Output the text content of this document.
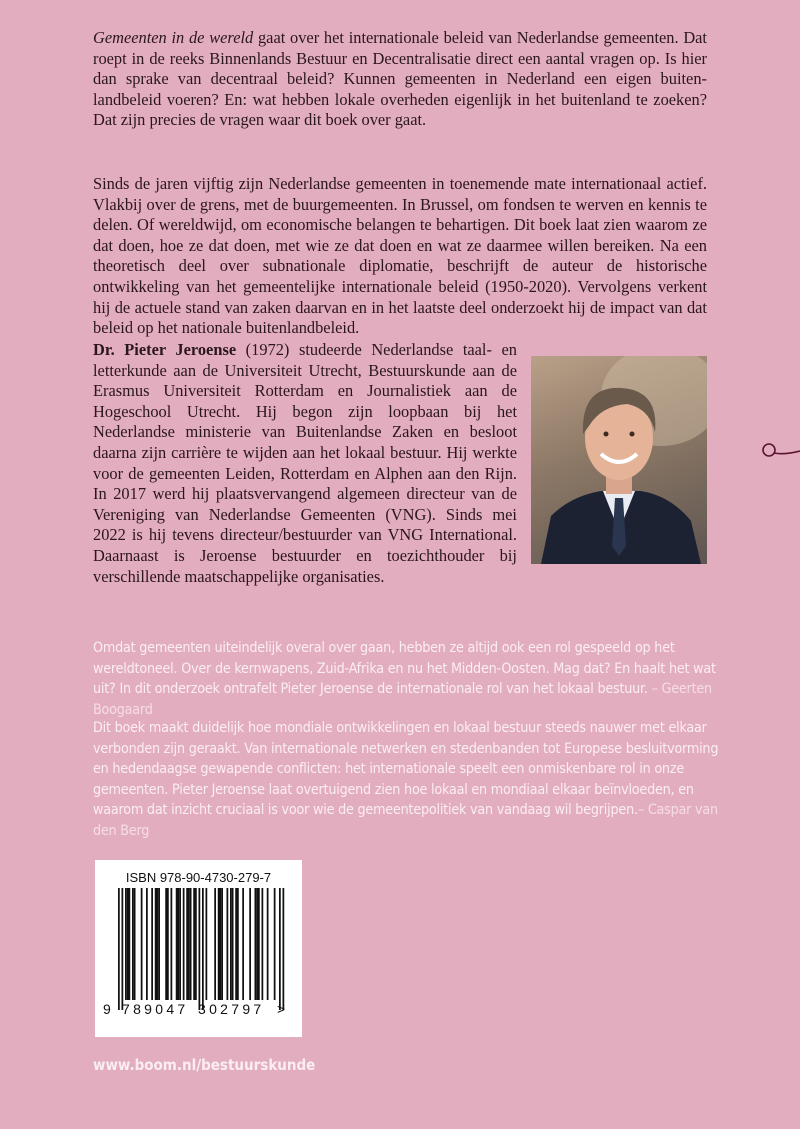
Gemeenten in de wereld gaat over het internationale beleid van Nederlandse gemeenten. Dat roept in de reeks Binnenlands Bestuur en Decentralisatie direct een aantal vragen op. Is hier dan sprake van decentraal beleid? Kunnen gemeenten in Nederland een eigen buitenlandbeleid voeren? En: wat hebben lokale overheden eigenlijk in het buitenland te zoeken? Dat zijn precies de vragen waar dit boek over gaat.

Sinds de jaren vijftig zijn Nederlandse gemeenten in toenemende mate internationaal actief. Vlakbij over de grens, met de buurgemeenten. In Brussel, om fondsen te werven en kennis te delen. Of wereldwijd, om economische belangen te behartigen. Dit boek laat zien waarom ze dat doen, hoe ze dat doen, met wie ze dat doen en wat ze daarmee willen bereiken. Na een theoretisch deel over subnationale diplomatie, beschrijft de auteur de historische ontwikkeling van het gemeentelijke internationale beleid (1950-2020). Vervolgens verkent hij de actuele stand van zaken daarvan en in het laatste deel onderzoekt hij de impact van dat beleid op het nationale buitenlandbeleid.

Dr. Pieter Jeroense (1972) studeerde Nederlandse taal- en letterkunde aan de Universiteit Utrecht, Bestuurskunde aan de Erasmus Universiteit Rotterdam en Journalistiek aan de Hogeschool Utrecht. Hij begon zijn loopbaan bij het Nederlandse ministerie van Buitenlandse Zaken en besloot daarna zijn carrière te wijden aan het lokaal bestuur. Hij werkte voor de gemeenten Leiden, Rotterdam en Alphen aan den Rijn. In 2017 werd hij plaatsvervangend algemeen directeur van de Vereniging van Nederlandse Gemeenten (VNG). Sinds mei 2022 is hij tevens directeur/bestuurder van VNG International. Daarnaast is Jeroense bestuurder en toezichthouder bij verschillende maatschappelijke organisaties.

Omdat gemeenten uiteindelijk overal over gaan, hebben ze altijd ook een rol gespeeld op het wereldtoneel. Over de kernwapens, Zuid-Afrika en nu het Midden-Oosten. Mag dat? En haalt het wat uit? In dit onderzoek ontrafelt Pieter Jeroense de internationale rol van het lokaal bestuur. – Geerten Boogaard

Dit boek maakt duidelijk hoe mondiale ontwikkelingen en lokaal bestuur steeds nauwer met elkaar verbonden zijn geraakt. Van internationale netwerken en stedenbanden tot Europese besluitvorming en hedendaagse gewapende conflicten: het internationale speelt een onmiskenbare rol in onze gemeenten. Pieter Jeroense laat overtuigend zien hoe lokaal en mondiaal elkaar beïnvloeden, en waarom dat inzicht cruciaal is voor wie de gemeentepolitiek van vandaag wil begrijpen.– Caspar van den Berg

ISBN 978-90-4730-279-7
9 789047 302797 >
www.boom.nl/bestuurskunde
